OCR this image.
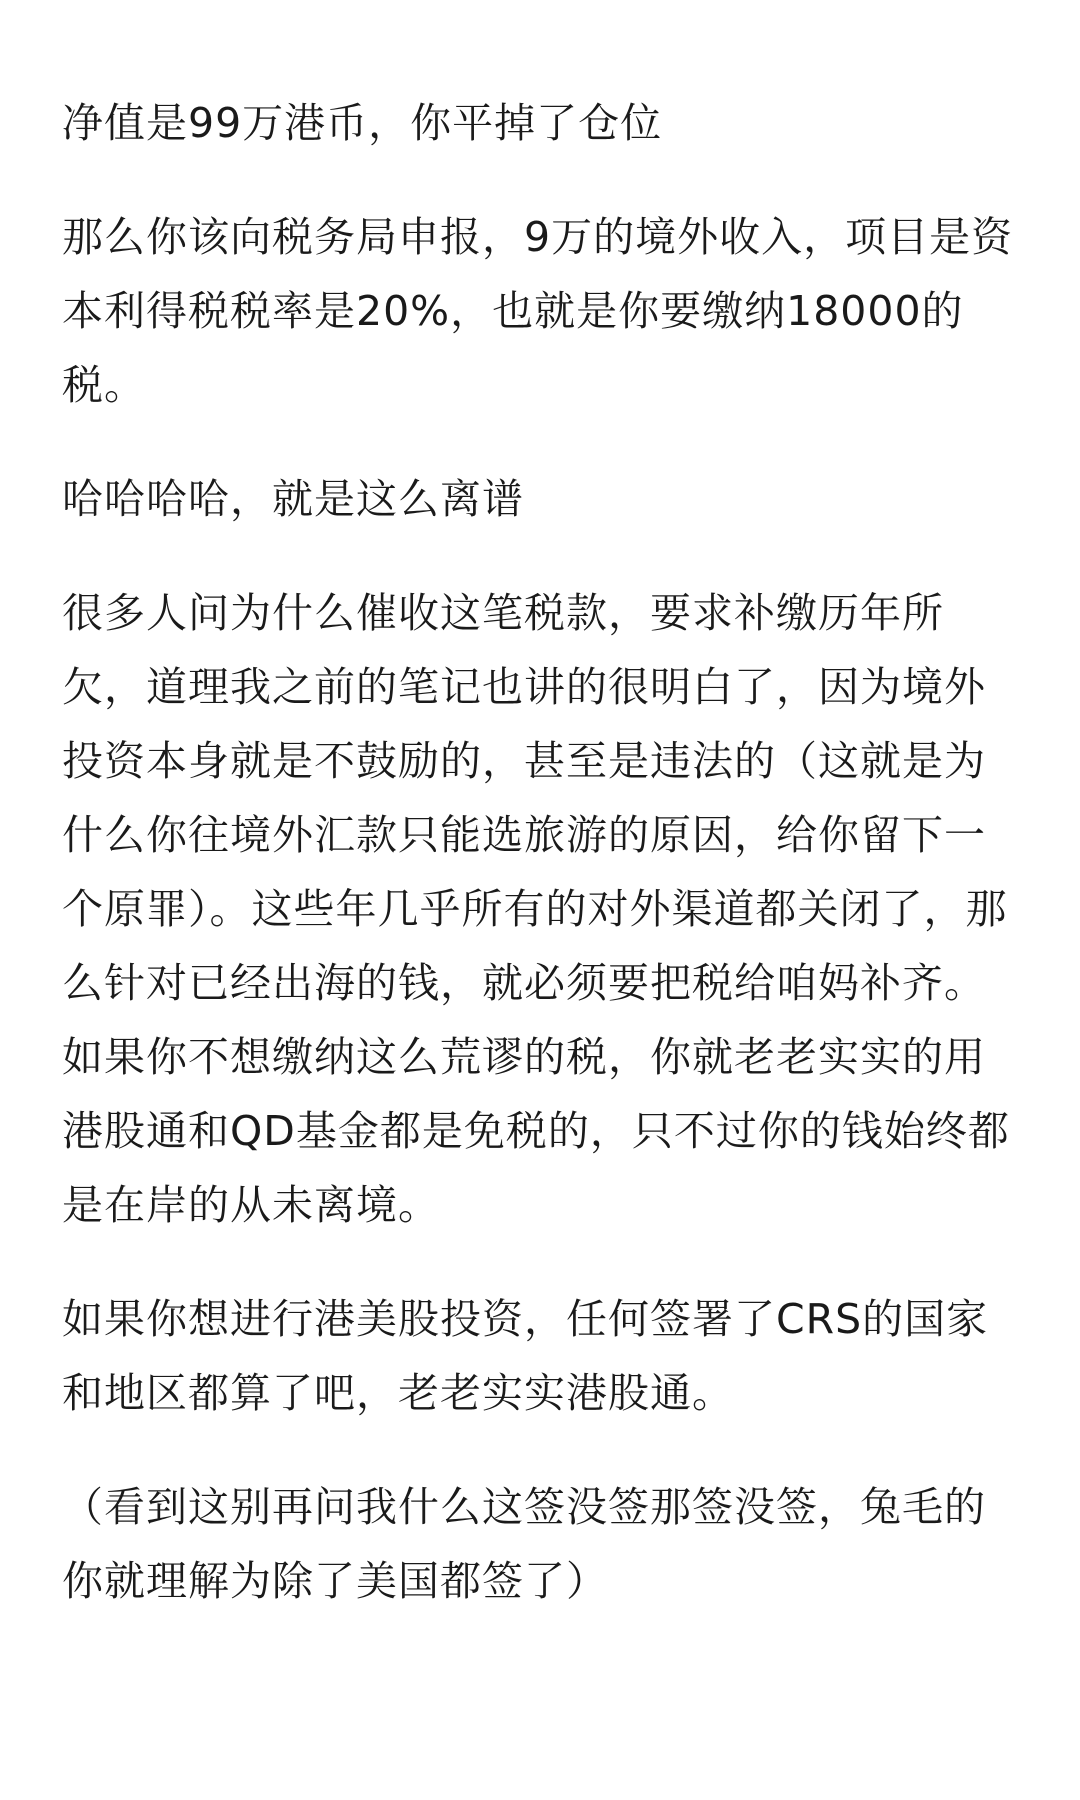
净值是99万港币，你平掉了仓位

那么你该向税务局申报，9万的境外收入，项目是资本利得税税率是20%，也就是你要缴纳18000的税。

哈哈哈哈，就是这么离谱

很多人问为什么催收这笔税款，要求补缴历年所欠，道理我之前的笔记也讲的很明白了，因为境外投资本身就是不鼓励的，甚至是违法的（这就是为什么你往境外汇款只能选旅游的原因，给你留下一个原罪）。这些年几乎所有的对外渠道都关闭了，那么针对已经出海的钱，就必须要把税给咱妈补齐。如果你不想缴纳这么荒谬的税，你就老老实实的用港股通和QD基金都是免税的，只不过你的钱始终都是在岸的从未离境。

如果你想进行港美股投资，任何签署了CRS的国家和地区都算了吧，老老实实港股通。

（看到这别再问我什么这签没签那签没签，兔毛的你就理解为除了美国都签了）
